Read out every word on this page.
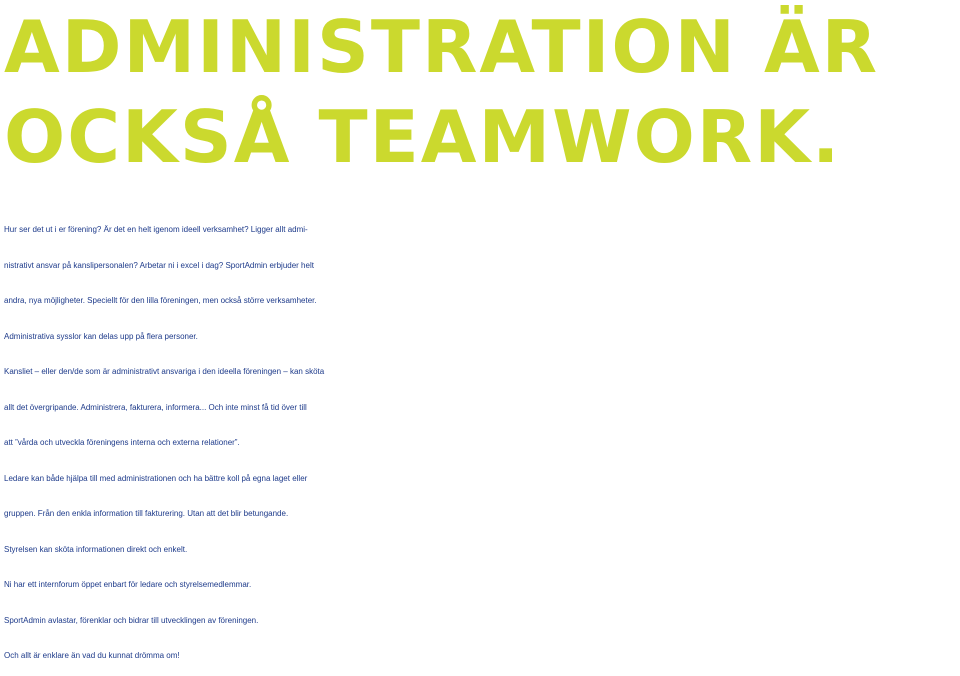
ADMINISTRATION ÄR
OCKSÅ TEAMWORK.
Hur ser det ut i er förening? Är det en helt igenom ideell verksamhet? Ligger allt admi-
nistrativt ansvar på kanslipersonalen? Arbetar ni i excel i dag? SportAdmin erbjuder helt
andra, nya möjligheter. Speciellt för den lilla föreningen, men också större verksamheter.
Administrativa sysslor kan delas upp på flera personer.
Kansliet – eller den/de som är administrativt ansvariga i den ideella föreningen – kan sköta
allt det övergripande. Administrera, fakturera, informera... Och inte minst få tid över till
att ”vårda och utveckla föreningens interna och externa relationer”.
Ledare kan både hjälpa till med administrationen och ha bättre koll på egna laget eller
gruppen. Från den enkla information till fakturering. Utan att det blir betungande.
Styrelsen kan sköta informationen direkt och enkelt.
Ni har ett internforum öppet enbart för ledare och styrelsemedlemmar.
SportAdmin avlastar, förenklar och bidrar till utvecklingen av föreningen.
Och allt är enklare än vad du kunnat drömma om!
